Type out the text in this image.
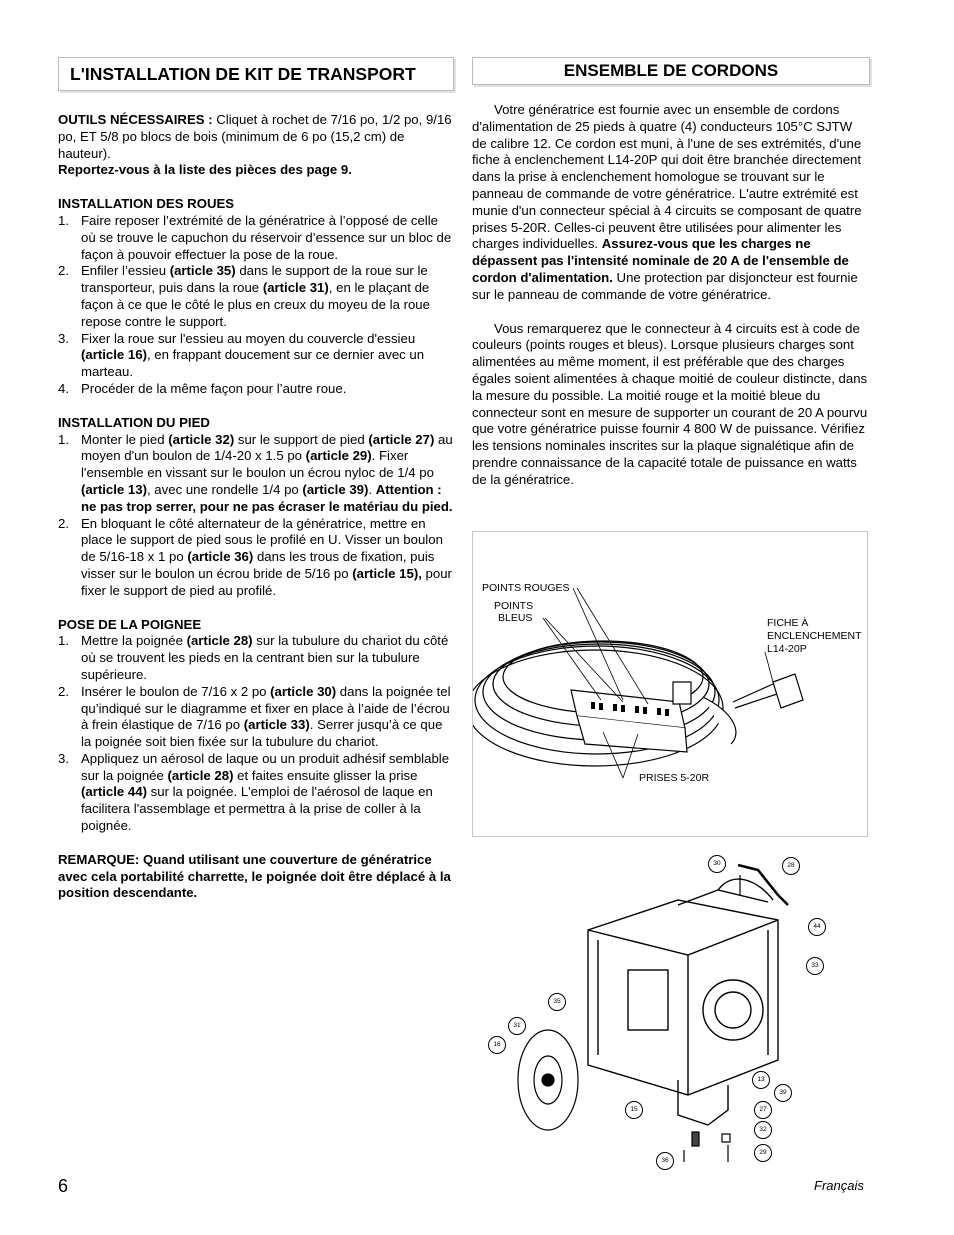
L'INSTALLATION DE KIT DE TRANSPORT

OUTILS NÉCESSAIRES : Cliquet à rochet de 7/16 po, 1/2 po, 9/16 po, ET 5/8 po blocs de bois (minimum de 6 po (15,2 cm) de hauteur).

Reportez-vous à la liste des pièces des page 9.

INSTALLATION DES ROUES

1. Faire reposer l’extrémité de la génératrice à l’opposé de celle où se trouve le capuchon du réservoir d’essence sur un bloc de façon à pouvoir effectuer la pose de la roue.
2. Enfiler l’essieu (article 35) dans le support de la roue sur le transporteur, puis dans la roue (article 31), en le plaçant de façon à ce que le côté le plus en creux du moyeu de la roue repose contre le support.
3. Fixer la roue sur l'essieu au moyen du couvercle d'essieu (article 16), en frappant doucement sur ce dernier avec un marteau.
4. Procéder de la même façon pour l’autre roue.

INSTALLATION DU PIED

1. Monter le pied (article 32) sur le support de pied (article 27) au moyen d'un boulon de 1/4-20 x 1.5 po (article 29). Fixer l'ensemble en vissant sur le boulon un écrou nyloc de 1/4 po (article 13), avec une rondelle 1/4 po (article 39). Attention : ne pas trop serrer, pour ne pas écraser le matériau du pied.
2. En bloquant le côté alternateur de la génératrice, mettre en place le support de pied sous le profilé en U. Visser un boulon de 5/16-18 x 1 po (article 36) dans les trous de fixation, puis visser sur le boulon un écrou bride de 5/16 po (article 15), pour fixer le support de pied au profilé.

POSE DE LA POIGNEE

1. Mettre la poignée (article 28) sur la tubulure du chariot du côté où se trouvent les pieds en la centrant bien sur la tubulure supérieure.
2. Insérer le boulon de 7/16 x 2 po (article 30) dans la poignée tel qu’indiqué sur le diagramme et fixer en place à l’aide de l’écrou à frein élastique de 7/16 po (article 33). Serrer jusqu’à ce que la poignée soit bien fixée sur la tubulure du chariot.
3. Appliquez un aérosol de laque ou un produit adhésif semblable sur la poignée (article 28) et faites ensuite glisser la prise (article 44) sur la poignée. L'emploi de l'aérosol de laque en facilitera l'assemblage et permettra à la prise de coller à la poignée.

REMARQUE: Quand utilisant une couverture de génératrice avec cela portabilité charrette, le poignée doit être déplacé à la position descendante.

ENSEMBLE DE CORDONS

Votre génératrice est fournie avec un ensemble de cordons d'alimentation de 25 pieds à quatre (4) conducteurs 105°C SJTW de calibre 12. Ce cordon est muni, à l'une de ses extrémités, d'une fiche à enclenchement L14-20P qui doit être branchée directement dans la prise à enclenchement homologue se trouvant sur le panneau de commande de votre génératrice. L'autre extrémité est munie d'un connecteur spécial à 4 circuits se composant de quatre prises 5-20R. Celles-ci peuvent être utilisées pour alimenter les charges individuelles. Assurez-vous que les charges ne dépassent pas l'intensité nominale de 20 A de l'ensemble de cordon d'alimentation. Une protection par disjoncteur est fournie sur le panneau de commande de votre génératrice.

Vous remarquerez que le connecteur à 4 circuits est à code de couleurs (points rouges et bleus). Lorsque plusieurs charges sont alimentées au même moment, il est préférable que des charges égales soient alimentées à chaque moitié de couleur distincte, dans la mesure du possible. La moitié rouge et la moitié bleue du connecteur sont en mesure de supporter un courant de 20 A pourvu que votre génératrice puisse fournir 4 800 W de puissance. Vérifiez les tensions nominales inscrites sur la plaque signalétique afin de prendre connaissance de la capacité totale de puissance en watts de la génératrice.

POINTS ROUGES
POINTS
BLEUS	FICHE À
ENCLENCHEMENT
L14-20P
PRISES 5-20R
30	28
44
33
35
31
16
13
39
15	27
32
36
29
6	Français
